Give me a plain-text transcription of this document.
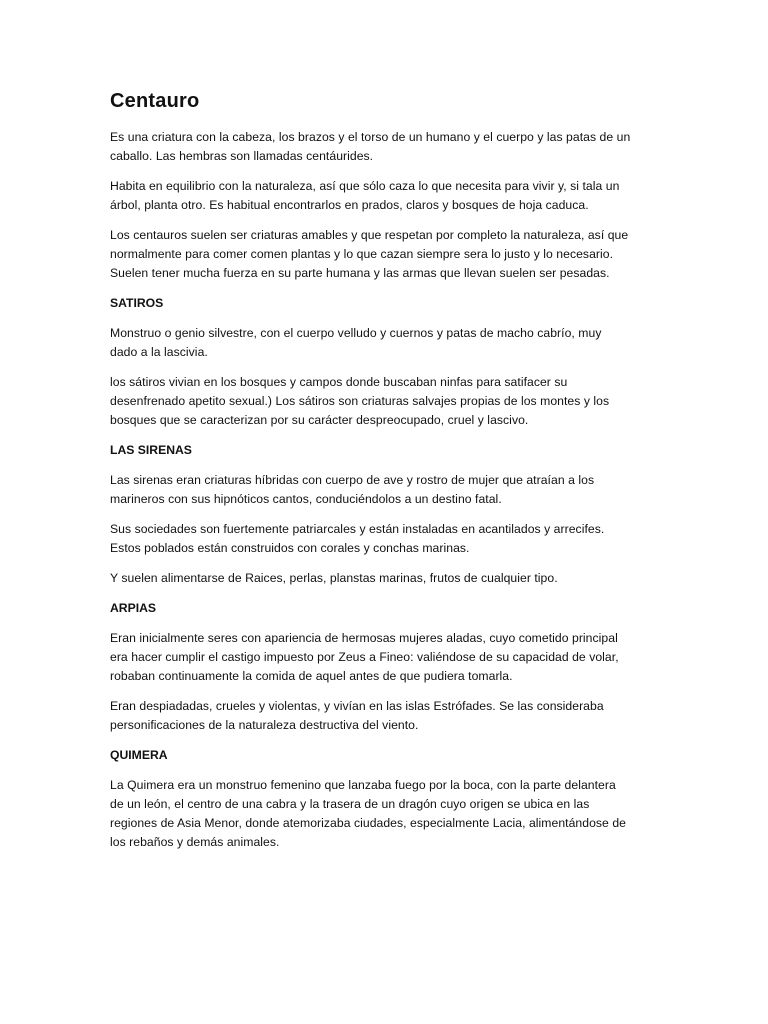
Centauro
Es una criatura con la cabeza, los brazos y el torso de un humano y el cuerpo y las patas de un
caballo. Las hembras son llamadas centáurides.
Habita en equilibrio con la naturaleza, así que sólo caza lo que necesita para vivir y, si tala un
árbol, planta otro. Es habitual encontrarlos en prados, claros y bosques de hoja caduca.
Los centauros suelen ser criaturas amables y que respetan por completo la naturaleza, así que
normalmente para comer comen plantas y lo que cazan siempre sera lo justo y lo necesario.
Suelen tener mucha fuerza en su parte humana y las armas que llevan suelen ser pesadas.
SATIROS
Monstruo o genio silvestre, con el cuerpo velludo y cuernos y patas de macho cabrío, muy
dado a la lascivia.
los sátiros vivian en los bosques y campos donde buscaban ninfas para satifacer su
desenfrenado apetito sexual.) Los sátiros son criaturas salvajes propias de los montes y los
bosques que se caracterizan por su carácter despreocupado, cruel y lascivo.
LAS SIRENAS
Las sirenas eran criaturas híbridas con cuerpo de ave y rostro de mujer que atraían a los
marineros con sus hipnóticos cantos, conduciéndolos a un destino fatal.
Sus sociedades son fuertemente patriarcales y están instaladas en acantilados y arrecifes.
Estos poblados están construidos con corales y conchas marinas.
Y suelen alimentarse de Raices, perlas, planstas marinas, frutos de cualquier tipo.
ARPIAS
Eran inicialmente seres con apariencia de hermosas mujeres aladas, cuyo cometido principal
era hacer cumplir el castigo impuesto por Zeus a Fineo: valiéndose de su capacidad de volar,
robaban continuamente la comida de aquel antes de que pudiera tomarla.
Eran despiadadas, crueles y violentas, y vivían en las islas Estrófades. Se las consideraba
personificaciones de la naturaleza destructiva del viento.
QUIMERA
La Quimera era un monstruo femenino que lanzaba fuego por la boca, con la parte delantera
de un león, el centro de una cabra y la trasera de un dragón cuyo origen se ubica en las
regiones de Asia Menor, donde atemorizaba ciudades, especialmente Lacia, alimentándose de
los rebaños y demás animales.
